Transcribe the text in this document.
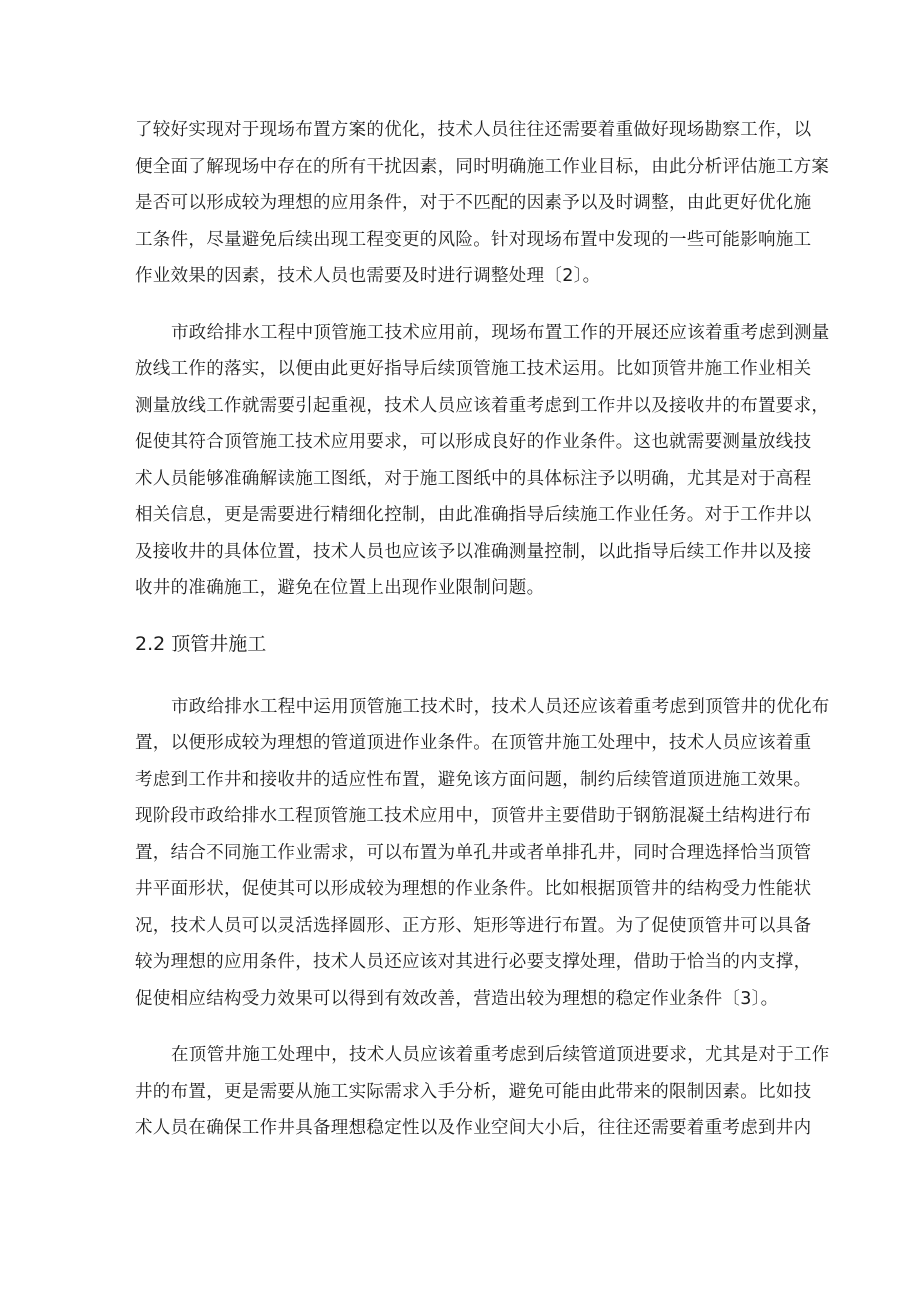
了较好实现对于现场布置方案的优化，技术人员往往还需要着重做好现场勘察工作，以
便全面了解现场中存在的所有干扰因素，同时明确施工作业目标，由此分析评估施工方案
是否可以形成较为理想的应用条件，对于不匹配的因素予以及时调整，由此更好优化施
工条件，尽量避免后续出现工程变更的风险。针对现场布置中发现的一些可能影响施工
作业效果的因素，技术人员也需要及时进行调整处理〔2〕。
市政给排水工程中顶管施工技术应用前，现场布置工作的开展还应该着重考虑到测量
放线工作的落实，以便由此更好指导后续顶管施工技术运用。比如顶管井施工作业相关
测量放线工作就需要引起重视，技术人员应该着重考虑到工作井以及接收井的布置要求，
促使其符合顶管施工技术应用要求，可以形成良好的作业条件。这也就需要测量放线技
术人员能够准确解读施工图纸，对于施工图纸中的具体标注予以明确，尤其是对于高程
相关信息，更是需要进行精细化控制，由此准确指导后续施工作业任务。对于工作井以
及接收井的具体位置，技术人员也应该予以准确测量控制，以此指导后续工作井以及接
收井的准确施工，避免在位置上出现作业限制问题。
2.2 顶管井施工
市政给排水工程中运用顶管施工技术时，技术人员还应该着重考虑到顶管井的优化布
置，以便形成较为理想的管道顶进作业条件。在顶管井施工处理中，技术人员应该着重
考虑到工作井和接收井的适应性布置，避免该方面问题，制约后续管道顶进施工效果。
现阶段市政给排水工程顶管施工技术应用中，顶管井主要借助于钢筋混凝土结构进行布
置，结合不同施工作业需求，可以布置为单孔井或者单排孔井，同时合理选择恰当顶管
井平面形状，促使其可以形成较为理想的作业条件。比如根据顶管井的结构受力性能状
况，技术人员可以灵活选择圆形、正方形、矩形等进行布置。为了促使顶管井可以具备
较为理想的应用条件，技术人员还应该对其进行必要支撑处理，借助于恰当的内支撑，
促使相应结构受力效果可以得到有效改善，营造出较为理想的稳定作业条件〔3〕。
在顶管井施工处理中，技术人员应该着重考虑到后续管道顶进要求，尤其是对于工作
井的布置，更是需要从施工实际需求入手分析，避免可能由此带来的限制因素。比如技
术人员在确保工作井具备理想稳定性以及作业空间大小后，往往还需要着重考虑到井内
